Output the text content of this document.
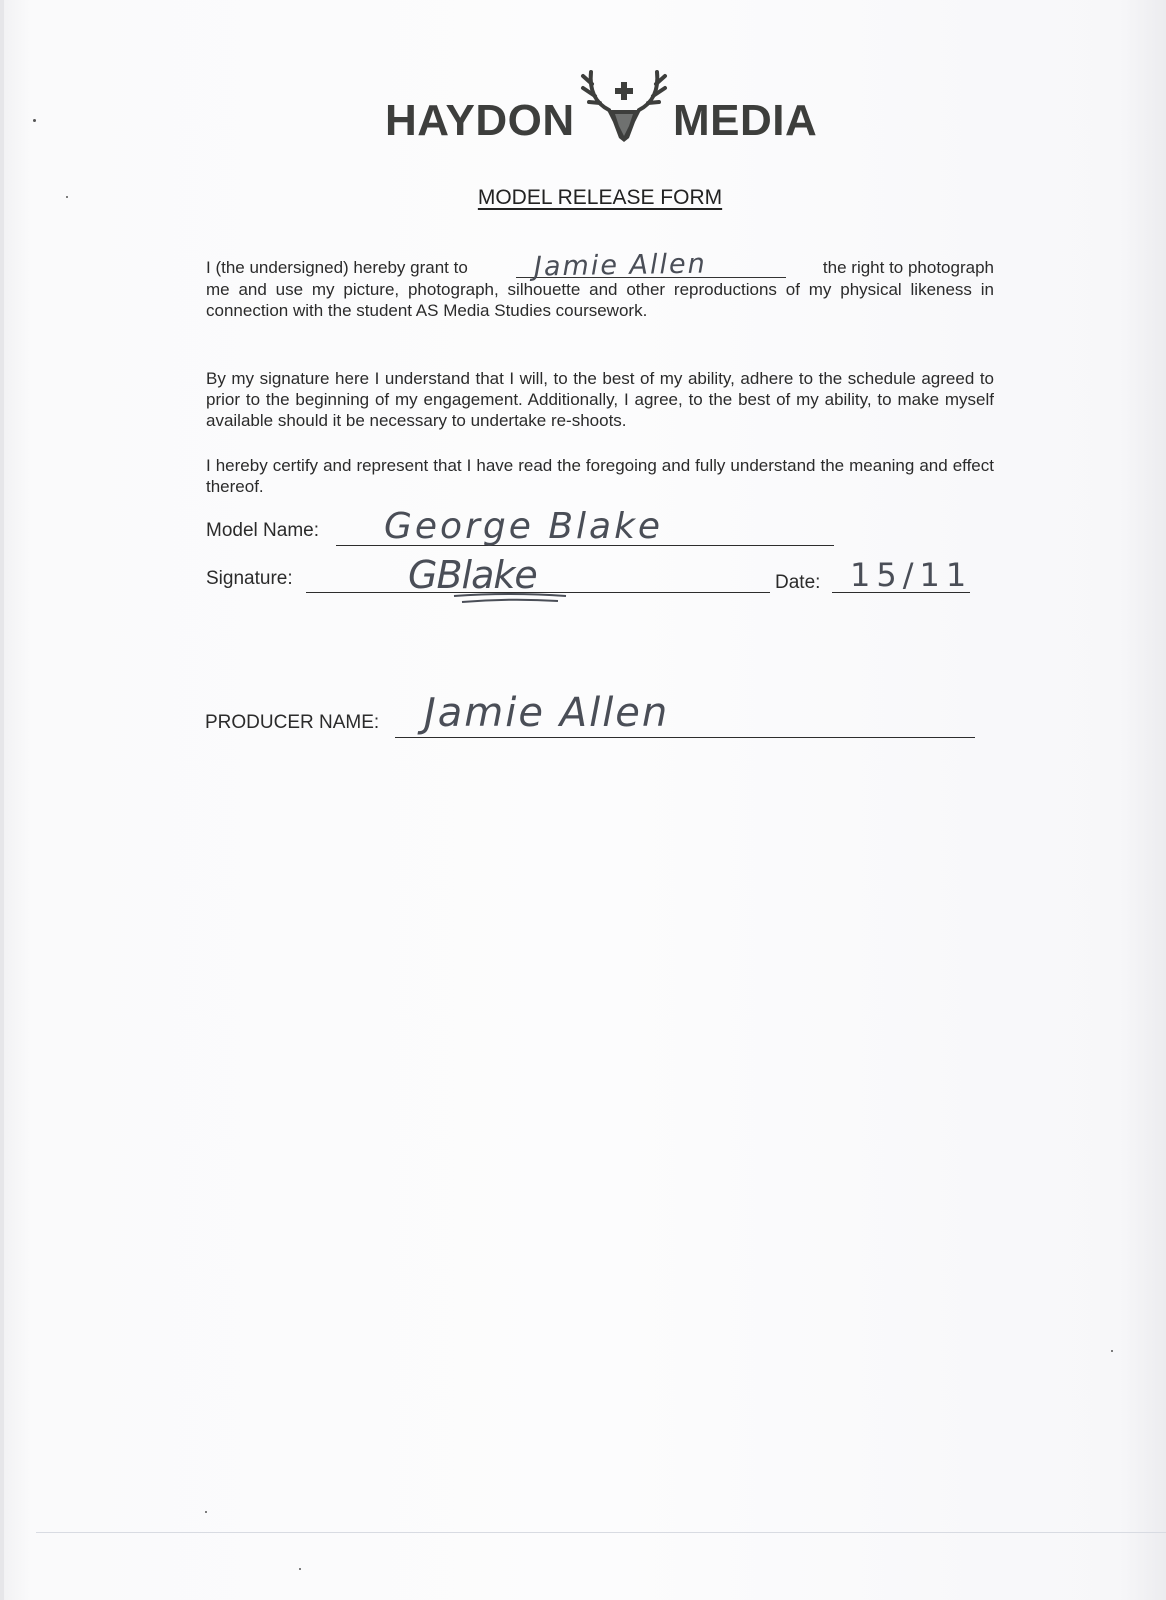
HAYDON MEDIA
MODEL RELEASE FORM
I (the undersigned) hereby grant to	the right to photograph
me and use my picture, photograph, silhouette and other reproductions of my physical likeness in connection with the student AS Media Studies coursework.
By my signature here I understand that I will, to the best of my ability, adhere to the schedule agreed to prior to the beginning of my engagement. Additionally, I agree, to the best of my ability, to make myself available should it be necessary to undertake re-shoots.
I hereby certify and represent that I have read the foregoing and fully understand the meaning and effect thereof.
Jamie Allen
Model Name: George Blake
Signature:	GBlake	Date: 15/11
PRODUCER NAME: Jamie Allen
